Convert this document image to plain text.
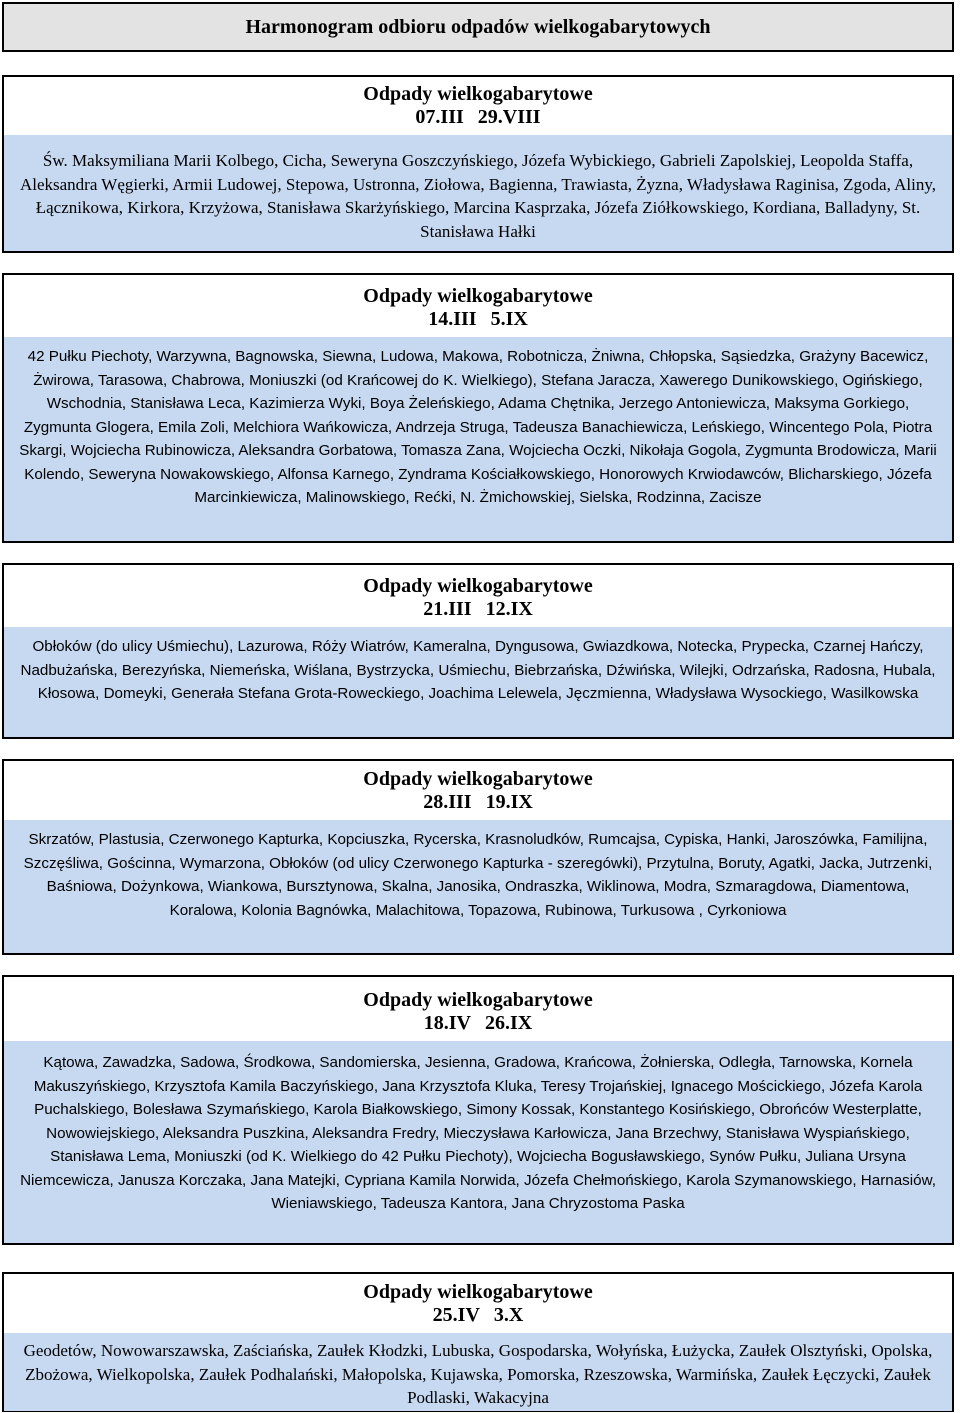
Harmonogram odbioru odpadów wielkogabarytowych
Odpady wielkogabarytowe
07.III 29.VIII
Św. Maksymiliana Marii Kolbego, Cicha, Seweryna Goszczyńskiego, Józefa Wybickiego, Gabrieli Zapolskiej, Leopolda Staffa, Aleksandra Węgierki, Armii Ludowej, Stepowa, Ustronna, Ziołowa, Bagienna, Trawiasta, Żyzna, Władysława Raginisa, Zgoda, Aliny, Łącznikowa, Kirkora, Krzyżowa, Stanisława Skarżyńskiego, Marcina Kasprzaka, Józefa Ziółkowskiego, Kordiana, Balladyny, St. Stanisława Hałki
Odpady wielkogabarytowe
14.III 5.IX
42 Pułku Piechoty, Warzywna, Bagnowska, Siewna, Ludowa, Makowa, Robotnicza, Żniwna, Chłopska, Sąsiedzka, Grażyny Bacewicz, Żwirowa, Tarasowa, Chabrowa, Moniuszki (od Krańcowej do K. Wielkiego), Stefana Jaracza, Xawerego Dunikowskiego, Ogińskiego, Wschodnia, Stanisława Leca, Kazimierza Wyki, Boya Żeleńskiego, Adama Chętnika, Jerzego Antoniewicza, Maksyma Gorkiego, Zygmunta Glogera, Emila Zoli, Melchiora Wańkowicza, Andrzeja Struga, Tadeusza Banachiewicza, Leńskiego, Wincentego Pola, Piotra Skargi, Wojciecha Rubinowicza, Aleksandra Gorbatowa, Tomasza Zana, Wojciecha Oczki, Nikołaja Gogola, Zygmunta Brodowicza, Marii Kolendo, Seweryna Nowakowskiego, Alfonsa Karnego, Zyndrama Kościałkowskiego, Honorowych Krwiodawców, Blicharskiego, Józefa Marcinkiewicza, Malinowskiego, Rećki, N. Żmichowskiej, Sielska, Rodzinna, Zacisze
Odpady wielkogabarytowe
21.III 12.IX
Obłoków (do ulicy Uśmiechu), Lazurowa, Róży Wiatrów, Kameralna, Dyngusowa, Gwiazdkowa, Notecka, Prypecka, Czarnej Hańczy, Nadbużańska, Berezyńska, Niemeńska, Wiślana, Bystrzycka, Uśmiechu, Biebrzańska, Dźwińska, Wilejki, Odrzańska, Radosna, Hubala, Kłosowa, Domeyki, Generała Stefana Grota-Roweckiego, Joachima Lelewela, Jęczmienna, Władysława Wysockiego, Wasilkowska
Odpady wielkogabarytowe
28.III 19.IX
Skrzatów, Plastusia, Czerwonego Kapturka, Kopciuszka, Rycerska, Krasnoludków, Rumcajsa, Cypiska, Hanki, Jaroszówka, Familijna, Szczęśliwa, Gościnna, Wymarzona, Obłoków (od ulicy Czerwonego Kapturka - szeregówki), Przytulna, Boruty, Agatki, Jacka, Jutrzenki, Baśniowa, Dożynkowa, Wiankowa, Bursztynowa, Skalna, Janosika, Ondraszka, Wiklinowa, Modra, Szmaragdowa, Diamentowa, Koralowa, Kolonia Bagnówka, Malachitowa, Topazowa, Rubinowa, Turkusowa , Cyrkoniowa
Odpady wielkogabarytowe
18.IV 26.IX
Kątowa, Zawadzka, Sadowa, Środkowa, Sandomierska, Jesienna, Gradowa, Krańcowa, Żołnierska, Odległa, Tarnowska, Kornela Makuszyńskiego, Krzysztofa Kamila Baczyńskiego, Jana Krzysztofa Kluka, Teresy Trojańskiej, Ignacego Mościckiego, Józefa Karola Puchalskiego, Bolesława Szymańskiego, Karola Białkowskiego, Simony Kossak, Konstantego Kosińskiego, Obrońców Westerplatte, Nowowiejskiego, Aleksandra Puszkina, Aleksandra Fredry, Mieczysława Karłowicza, Jana Brzechwy, Stanisława Wyspiańskiego, Stanisława Lema, Moniuszki (od K. Wielkiego do 42 Pułku Piechoty), Wojciecha Bogusławskiego, Synów Pułku, Juliana Ursyna Niemcewicza, Janusza Korczaka, Jana Matejki, Cypriana Kamila Norwida, Józefa Chełmońskiego, Karola Szymanowskiego, Harnasiów, Wieniawskiego, Tadeusza Kantora, Jana Chryzostoma Paska
Odpady wielkogabarytowe
25.IV 3.X
Geodetów, Nowowarszawska, Zaściańska, Zaułek Kłodzki, Lubuska, Gospodarska, Wołyńska, Łużycka, Zaułek Olsztyński, Opolska, Zbożowa, Wielkopolska, Zaułek Podhalański, Małopolska, Kujawska, Pomorska, Rzeszowska, Warmińska, Zaułek Łęczycki, Zaułek Podlaski, Wakacyjna
